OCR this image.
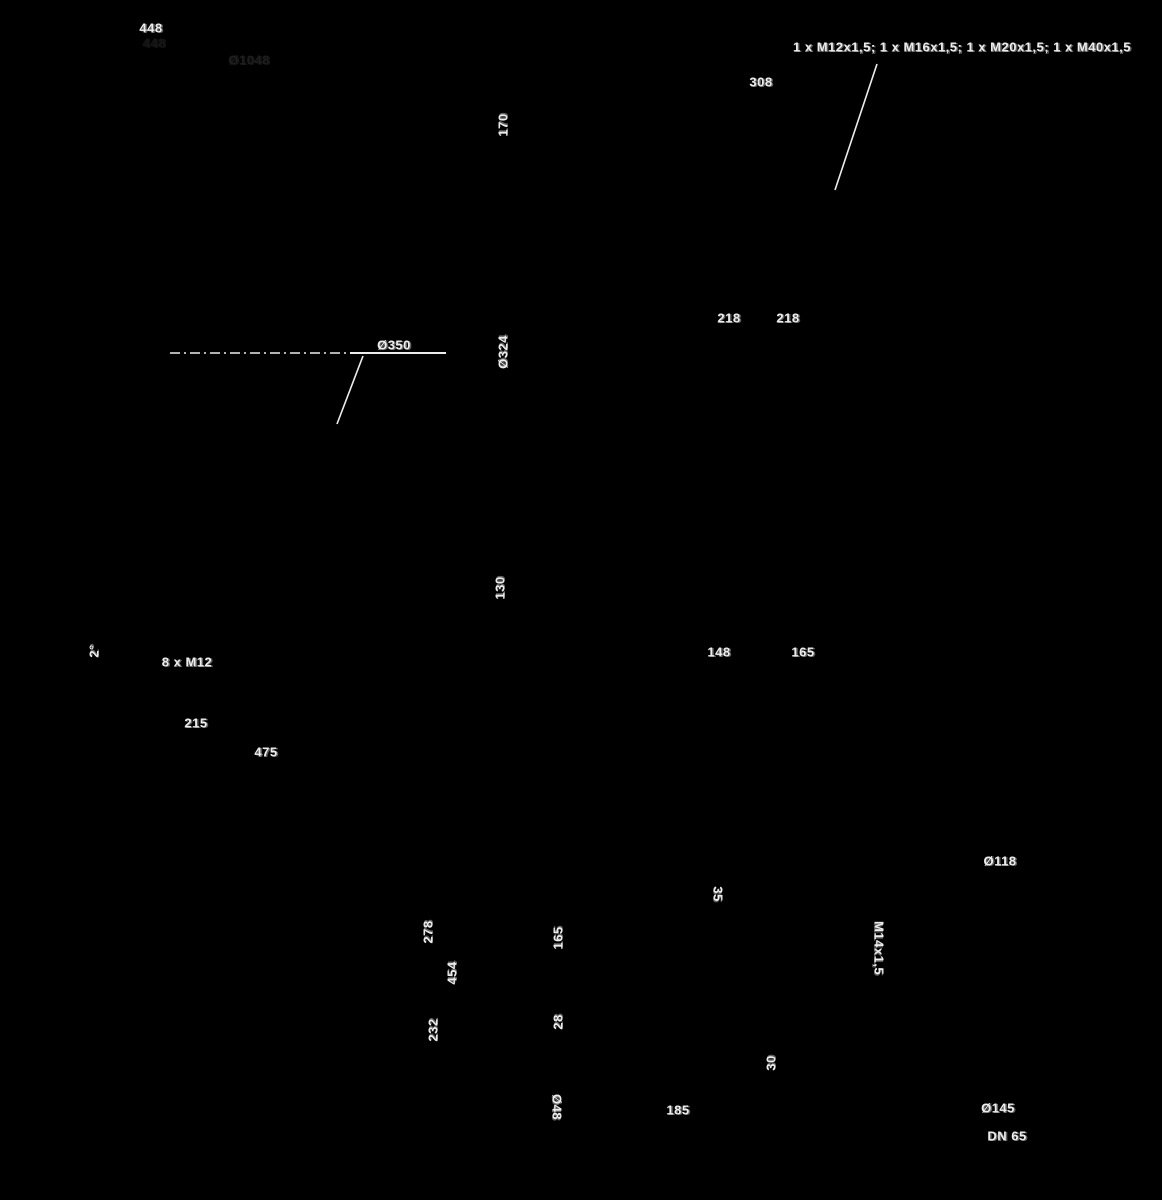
448
448
Ø1048
1 x M12x1,5; 1 x M16x1,5; 1 x M20x1,5; 1 x M40x1,5
308
170
218	218
Ø350	Ø324
130
2°
8 x M12
148	165
215
475
Ø118
35
278	165	M14x1,5
454
28
232
30
Ø48	185	Ø145
DN 65
